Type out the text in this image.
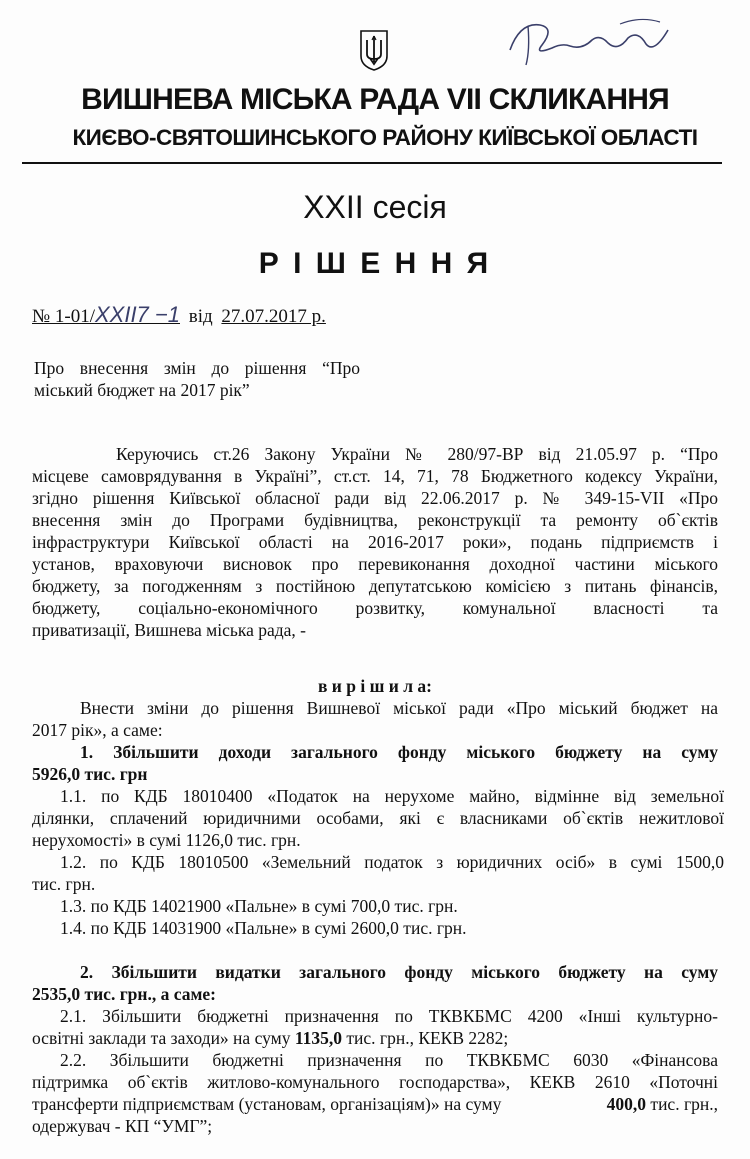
ВИШНЕВА МІСЬКА РАДА VII СКЛИКАННЯ
КИЄВО-СВЯТОШИНСЬКОГО РАЙОНУ КИЇВСЬКОЇ ОБЛАСТІ
XXII сесія
Р І Ш Е Н Н Я
№ 1-01/XXII7 −1 від 27.07.2017 р.
Про внесення змін до рішення “Про
міський бюджет на 2017 рік”
Керуючись ст.26 Закону України № 280/97-ВР від 21.05.97 р. “Про
місцеве самоврядування в Україні”, ст.ст. 14, 71, 78 Бюджетного кодексу України,
згідно рішення Київської обласної ради від 22.06.2017 р. № 349-15-VII «Про
внесення змін до Програми будівництва, реконструкції та ремонту об`єктів
інфраструктури Київської області на 2016-2017 роки», подань підприємств і
установ, враховуючи висновок про перевиконання доходної частини міського
бюджету, за погодженням з постійною депутатською комісією з питань фінансів,
бюджету, соціально-економічного розвитку, комунальної власності та
приватизації, Вишнева міська рада, -
в и р і ш и л а:
Внести зміни до рішення Вишневої міської ради «Про міський бюджет на
2017 рік», а саме:
1. Збільшити доходи загального фонду міського бюджету на суму
5926,0 тис. грн
1.1. по КДБ 18010400 «Податок на нерухоме майно, відмінне від земельної
ділянки, сплачений юридичними особами, які є власниками об`єктів нежитлової
нерухомості» в сумі 1126,0 тис. грн.
1.2. по КДБ 18010500 «Земельний податок з юридичних осіб» в сумі 1500,0
тис. грн.
1.3. по КДБ 14021900 «Пальне» в сумі 700,0 тис. грн.
1.4. по КДБ 14031900 «Пальне» в сумі 2600,0 тис. грн.
2. Збільшити видатки загального фонду міського бюджету на суму
2535,0 тис. грн., а саме:
2.1. Збільшити бюджетні призначення по ТКВКБМС 4200 «Інші культурно-
освітні заклади та заходи» на суму 1135,0 тис. грн., КЕКВ 2282;
2.2. Збільшити бюджетні призначення по ТКВКБМС 6030 «Фінансова
підтримка об`єктів житлово-комунального господарства», КЕКВ 2610 «Поточні
трансферти підприємствам (установам, організаціям)» на суму	400,0 тис. грн.,
одержувач - КП “УМГ”;
